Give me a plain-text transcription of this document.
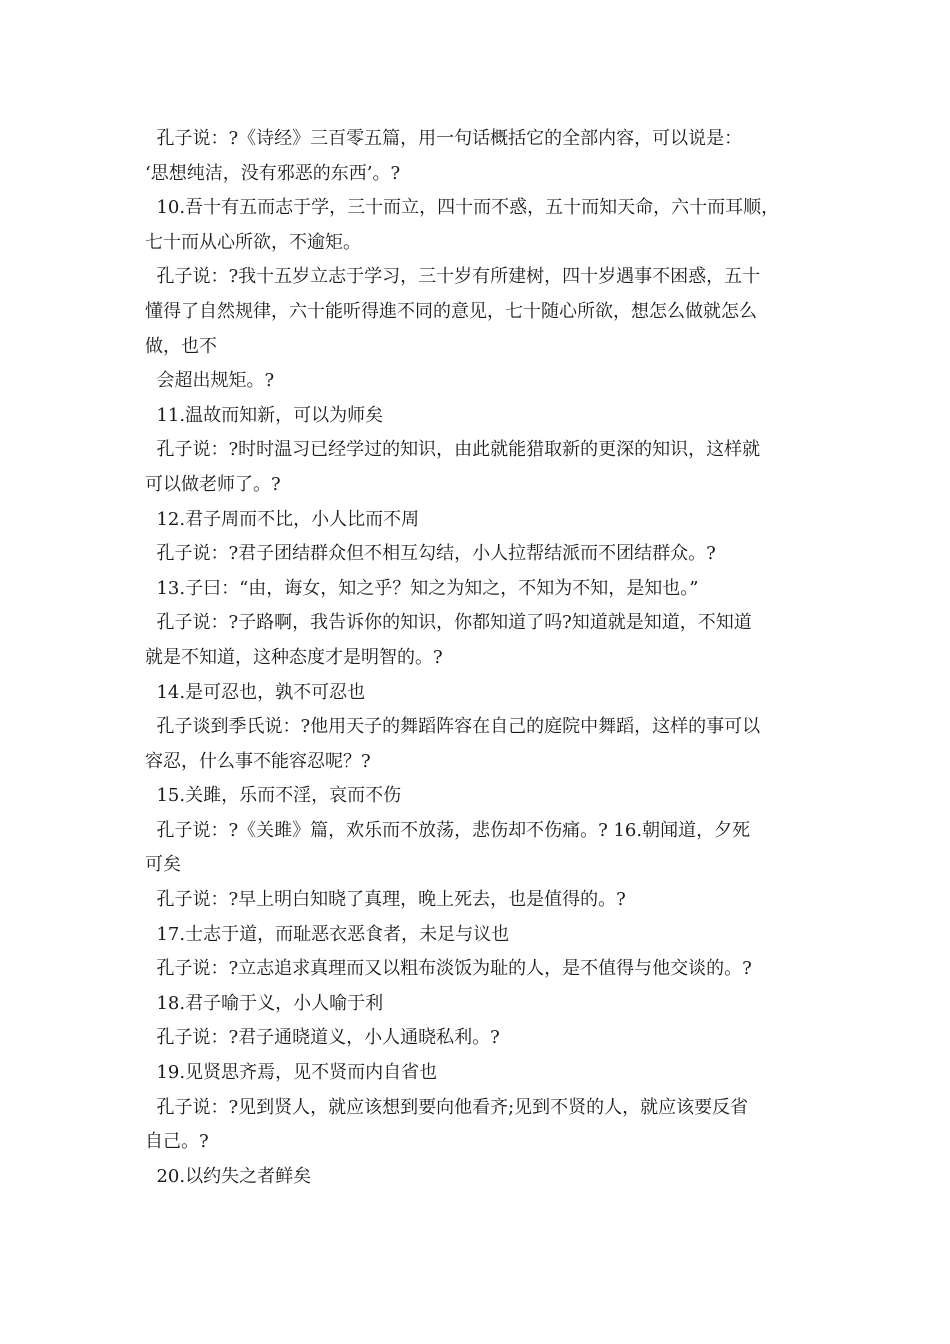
孔子说：?《诗经》三百零五篇，用一句话概括它的全部内容，可以说是：
‘思想纯洁，没有邪恶的东西’。?
10.吾十有五而志于学，三十而立，四十而不惑，五十而知天命，六十而耳顺，
七十而从心所欲，不逾矩。
孔子说：?我十五岁立志于学习，三十岁有所建树，四十岁遇事不困惑，五十
懂得了自然规律，六十能听得進不同的意见，七十随心所欲，想怎么做就怎么
做，也不
会超出规矩。?
11.温故而知新，可以为师矣
孔子说：?时时温习已经学过的知识，由此就能猎取新的更深的知识，这样就
可以做老师了。?
12.君子周而不比，小人比而不周
孔子说：?君子团结群众但不相互勾结，小人拉帮结派而不团结群众。?
13.子曰：“由，诲女，知之乎？知之为知之，不知为不知，是知也。”
孔子说：?子路啊，我告诉你的知识，你都知道了吗?知道就是知道，不知道
就是不知道，这种态度才是明智的。?
14.是可忍也，孰不可忍也
孔子谈到季氏说：?他用天子的舞蹈阵容在自己的庭院中舞蹈，这样的事可以
容忍，什么事不能容忍呢？?
15.关雎，乐而不淫，哀而不伤
孔子说：?《关雎》篇，欢乐而不放荡，悲伤却不伤痛。? 16.朝闻道，夕死
可矣
孔子说：?早上明白知晓了真理，晚上死去，也是值得的。?
17.士志于道，而耻恶衣恶食者，未足与议也
孔子说：?立志追求真理而又以粗布淡饭为耻的人，是不值得与他交谈的。?
18.君子喻于义，小人喻于利
孔子说：?君子通晓道义，小人通晓私利。?
19.见贤思齐焉，见不贤而内自省也
孔子说：?见到贤人，就应该想到要向他看齐;见到不贤的人，就应该要反省
自己。?
20.以约失之者鲜矣
